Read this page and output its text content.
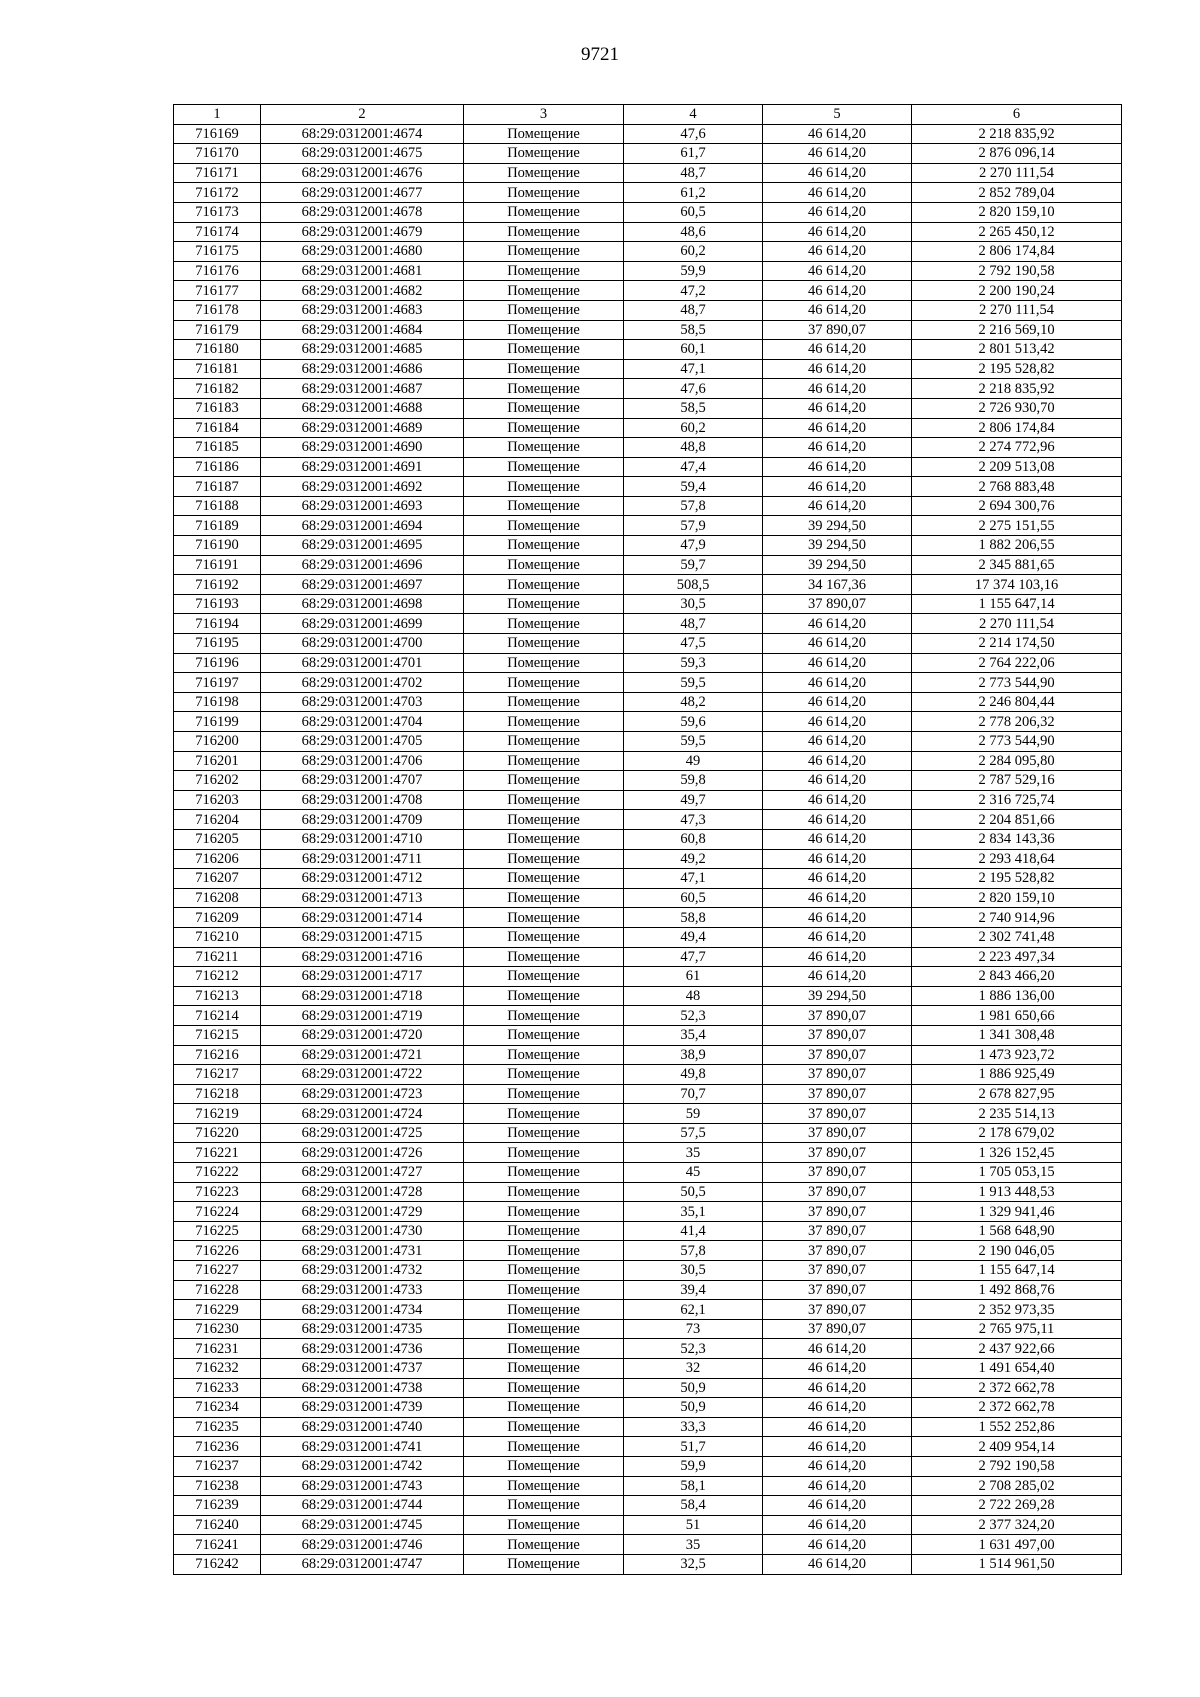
9721
1	2	3	4	5	6
716169	68:29:0312001:4674	Помещение	47,6	46 614,20	2 218 835,92
716170	68:29:0312001:4675	Помещение	61,7	46 614,20	2 876 096,14
716171	68:29:0312001:4676	Помещение	48,7	46 614,20	2 270 111,54
716172	68:29:0312001:4677	Помещение	61,2	46 614,20	2 852 789,04
716173	68:29:0312001:4678	Помещение	60,5	46 614,20	2 820 159,10
716174	68:29:0312001:4679	Помещение	48,6	46 614,20	2 265 450,12
716175	68:29:0312001:4680	Помещение	60,2	46 614,20	2 806 174,84
716176	68:29:0312001:4681	Помещение	59,9	46 614,20	2 792 190,58
716177	68:29:0312001:4682	Помещение	47,2	46 614,20	2 200 190,24
716178	68:29:0312001:4683	Помещение	48,7	46 614,20	2 270 111,54
716179	68:29:0312001:4684	Помещение	58,5	37 890,07	2 216 569,10
716180	68:29:0312001:4685	Помещение	60,1	46 614,20	2 801 513,42
716181	68:29:0312001:4686	Помещение	47,1	46 614,20	2 195 528,82
716182	68:29:0312001:4687	Помещение	47,6	46 614,20	2 218 835,92
716183	68:29:0312001:4688	Помещение	58,5	46 614,20	2 726 930,70
716184	68:29:0312001:4689	Помещение	60,2	46 614,20	2 806 174,84
716185	68:29:0312001:4690	Помещение	48,8	46 614,20	2 274 772,96
716186	68:29:0312001:4691	Помещение	47,4	46 614,20	2 209 513,08
716187	68:29:0312001:4692	Помещение	59,4	46 614,20	2 768 883,48
716188	68:29:0312001:4693	Помещение	57,8	46 614,20	2 694 300,76
716189	68:29:0312001:4694	Помещение	57,9	39 294,50	2 275 151,55
716190	68:29:0312001:4695	Помещение	47,9	39 294,50	1 882 206,55
716191	68:29:0312001:4696	Помещение	59,7	39 294,50	2 345 881,65
716192	68:29:0312001:4697	Помещение	508,5	34 167,36	17 374 103,16
716193	68:29:0312001:4698	Помещение	30,5	37 890,07	1 155 647,14
716194	68:29:0312001:4699	Помещение	48,7	46 614,20	2 270 111,54
716195	68:29:0312001:4700	Помещение	47,5	46 614,20	2 214 174,50
716196	68:29:0312001:4701	Помещение	59,3	46 614,20	2 764 222,06
716197	68:29:0312001:4702	Помещение	59,5	46 614,20	2 773 544,90
716198	68:29:0312001:4703	Помещение	48,2	46 614,20	2 246 804,44
716199	68:29:0312001:4704	Помещение	59,6	46 614,20	2 778 206,32
716200	68:29:0312001:4705	Помещение	59,5	46 614,20	2 773 544,90
716201	68:29:0312001:4706	Помещение	49	46 614,20	2 284 095,80
716202	68:29:0312001:4707	Помещение	59,8	46 614,20	2 787 529,16
716203	68:29:0312001:4708	Помещение	49,7	46 614,20	2 316 725,74
716204	68:29:0312001:4709	Помещение	47,3	46 614,20	2 204 851,66
716205	68:29:0312001:4710	Помещение	60,8	46 614,20	2 834 143,36
716206	68:29:0312001:4711	Помещение	49,2	46 614,20	2 293 418,64
716207	68:29:0312001:4712	Помещение	47,1	46 614,20	2 195 528,82
716208	68:29:0312001:4713	Помещение	60,5	46 614,20	2 820 159,10
716209	68:29:0312001:4714	Помещение	58,8	46 614,20	2 740 914,96
716210	68:29:0312001:4715	Помещение	49,4	46 614,20	2 302 741,48
716211	68:29:0312001:4716	Помещение	47,7	46 614,20	2 223 497,34
716212	68:29:0312001:4717	Помещение	61	46 614,20	2 843 466,20
716213	68:29:0312001:4718	Помещение	48	39 294,50	1 886 136,00
716214	68:29:0312001:4719	Помещение	52,3	37 890,07	1 981 650,66
716215	68:29:0312001:4720	Помещение	35,4	37 890,07	1 341 308,48
716216	68:29:0312001:4721	Помещение	38,9	37 890,07	1 473 923,72
716217	68:29:0312001:4722	Помещение	49,8	37 890,07	1 886 925,49
716218	68:29:0312001:4723	Помещение	70,7	37 890,07	2 678 827,95
716219	68:29:0312001:4724	Помещение	59	37 890,07	2 235 514,13
716220	68:29:0312001:4725	Помещение	57,5	37 890,07	2 178 679,02
716221	68:29:0312001:4726	Помещение	35	37 890,07	1 326 152,45
716222	68:29:0312001:4727	Помещение	45	37 890,07	1 705 053,15
716223	68:29:0312001:4728	Помещение	50,5	37 890,07	1 913 448,53
716224	68:29:0312001:4729	Помещение	35,1	37 890,07	1 329 941,46
716225	68:29:0312001:4730	Помещение	41,4	37 890,07	1 568 648,90
716226	68:29:0312001:4731	Помещение	57,8	37 890,07	2 190 046,05
716227	68:29:0312001:4732	Помещение	30,5	37 890,07	1 155 647,14
716228	68:29:0312001:4733	Помещение	39,4	37 890,07	1 492 868,76
716229	68:29:0312001:4734	Помещение	62,1	37 890,07	2 352 973,35
716230	68:29:0312001:4735	Помещение	73	37 890,07	2 765 975,11
716231	68:29:0312001:4736	Помещение	52,3	46 614,20	2 437 922,66
716232	68:29:0312001:4737	Помещение	32	46 614,20	1 491 654,40
716233	68:29:0312001:4738	Помещение	50,9	46 614,20	2 372 662,78
716234	68:29:0312001:4739	Помещение	50,9	46 614,20	2 372 662,78
716235	68:29:0312001:4740	Помещение	33,3	46 614,20	1 552 252,86
716236	68:29:0312001:4741	Помещение	51,7	46 614,20	2 409 954,14
716237	68:29:0312001:4742	Помещение	59,9	46 614,20	2 792 190,58
716238	68:29:0312001:4743	Помещение	58,1	46 614,20	2 708 285,02
716239	68:29:0312001:4744	Помещение	58,4	46 614,20	2 722 269,28
716240	68:29:0312001:4745	Помещение	51	46 614,20	2 377 324,20
716241	68:29:0312001:4746	Помещение	35	46 614,20	1 631 497,00
716242	68:29:0312001:4747	Помещение	32,5	46 614,20	1 514 961,50
